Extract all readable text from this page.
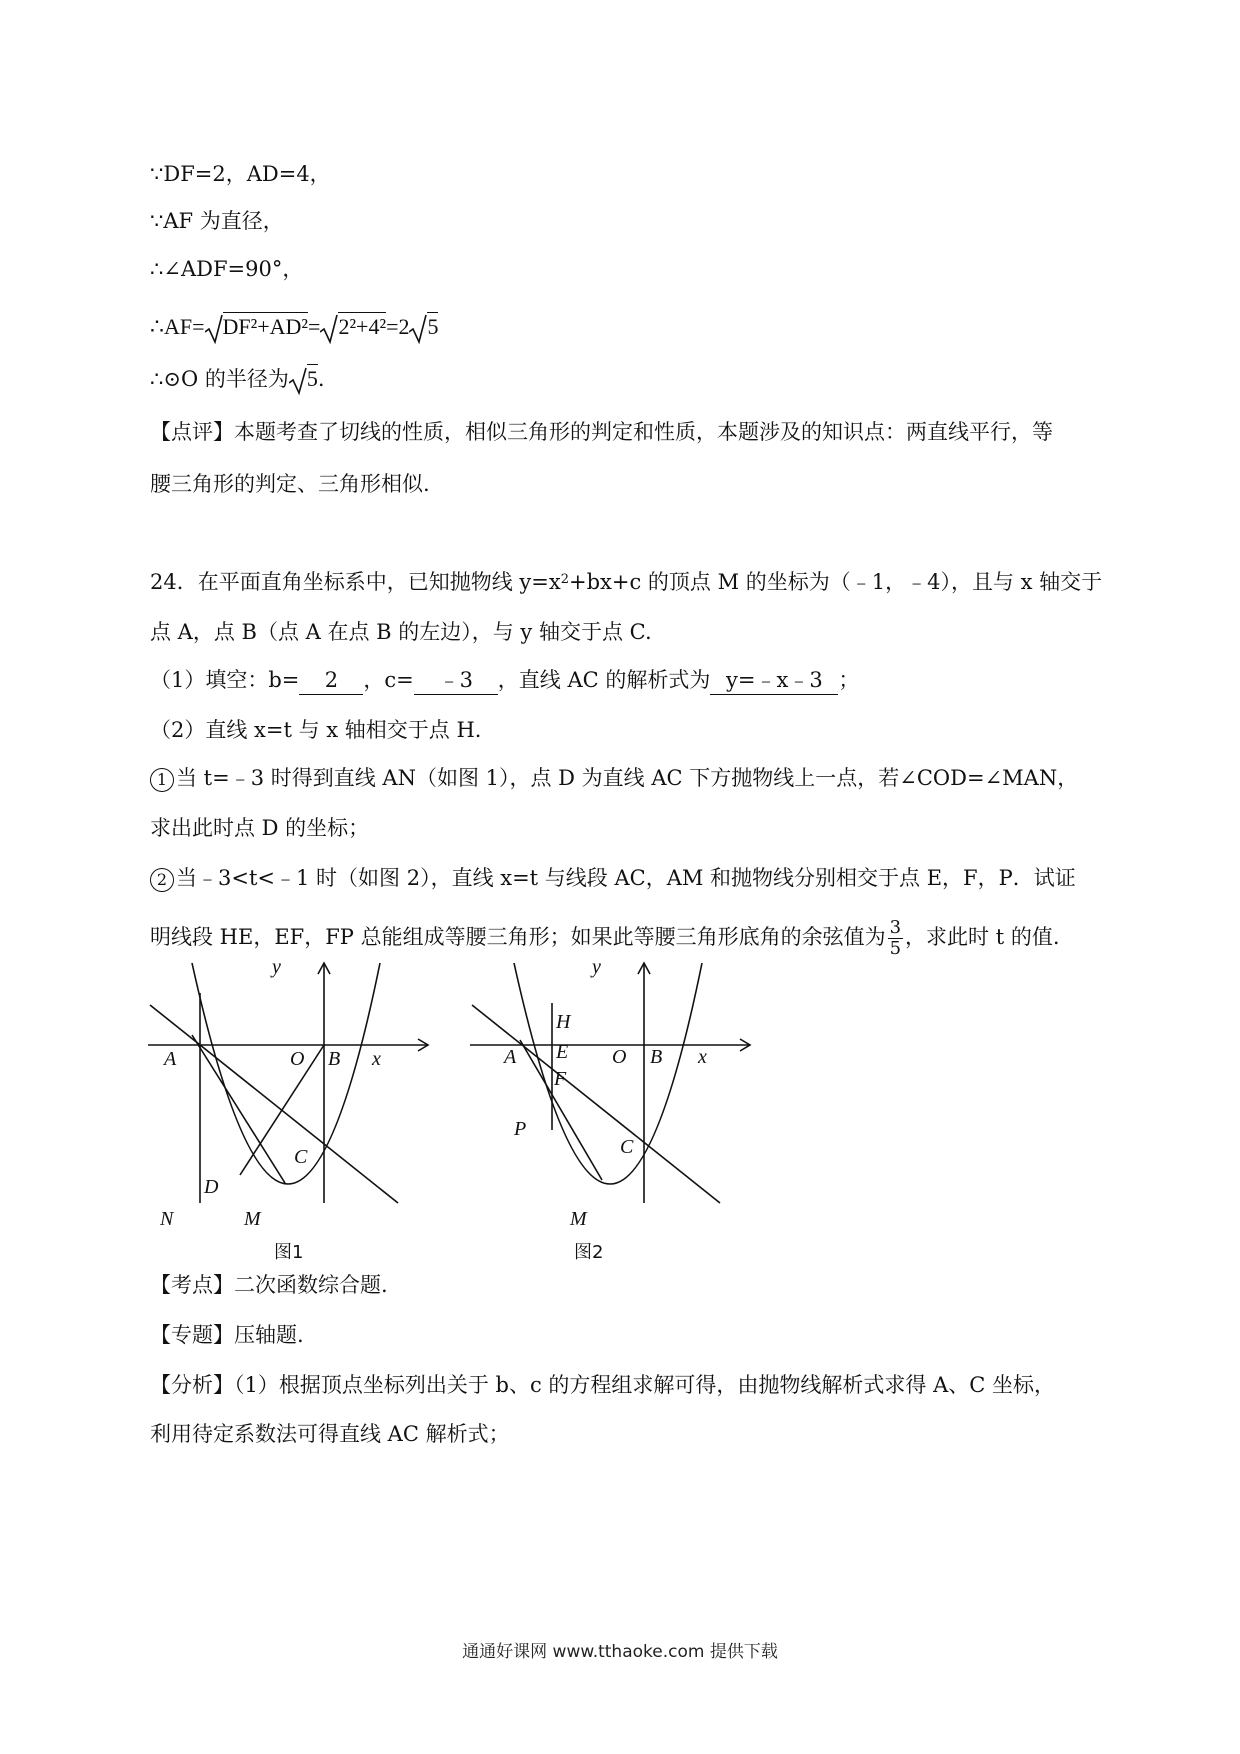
∵DF=2，AD=4，
∵AF 为直径，
∴∠ADF=90°，
∴AF= DF²+AD²= 2²+4²=2 5
∴⊙O 的半径为 5.
【点评】本题考查了切线的性质，相似三角形的判定和性质，本题涉及的知识点：两直线平行，等
腰三角形的判定、三角形相似.
24．在平面直角坐标系中，已知抛物线 $y=x^2+bx+c$ 的顶点 M 的坐标为（﹣1，﹣4），且与 x 轴交于
点 A，点 B（点 A 在点 B 的左边），与 y 轴交于点 C.
（1）填空：b= 2 ，c= ﹣3 ，直线 AC 的解析式为 y=﹣x﹣3 ；
（2）直线 x=t 与 x 轴相交于点 H.
1 当 t=﹣3 时得到直线 AN（如图 1），点 D 为直线 AC 下方抛物线上一点，若∠COD=∠MAN，
求出此时点 D 的坐标；
2 当﹣3<t<﹣1 时（如图 2），直线 x=t 与线段 AC，AM 和抛物线分别相交于点 E，F，P．试证
明线段 HE，EF，FP 总能组成等腰三角形；如果此等腰三角形底角的余弦值为 $\frac{3}{5}$ ，求此时 t 的值.
y
x
A	O B
C
D
M
N
图1
y
x
A
H
E
F
O B
C
P
M
图2
【考点】二次函数综合题.
【专题】压轴题.
【分析】（1）根据顶点坐标列出关于 b、c 的方程组求解可得，由抛物线解析式求得 A、C 坐标，
利用待定系数法可得直线 AC 解析式；
通通好课网 www.tthaoke.com 提供下载
